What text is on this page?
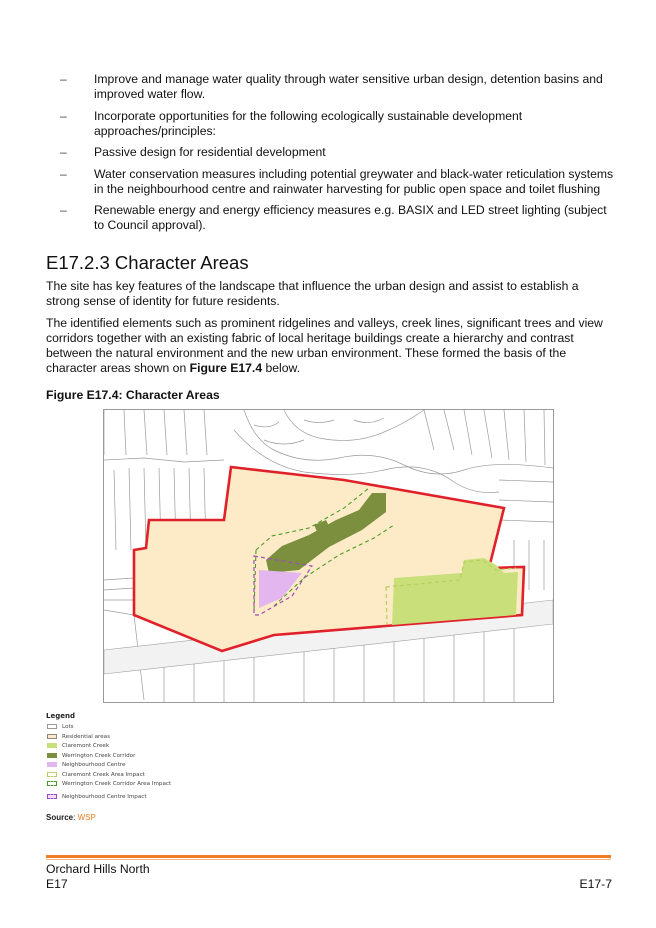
– Improve and manage water quality through water sensitive urban design, detention basins and improved water flow.
– Incorporate opportunities for the following ecologically sustainable development approaches/principles:
– Passive design for residential development
– Water conservation measures including potential greywater and black-water reticulation systems in the neighbourhood centre and rainwater harvesting for public open space and toilet flushing
– Renewable energy and energy efficiency measures e.g. BASIX and LED street lighting (subject to Council approval).
E17.2.3 Character Areas

The site has key features of the landscape that influence the urban design and assist to establish a strong sense of identity for future residents.

The identified elements such as prominent ridgelines and valleys, creek lines, significant trees and view corridors together with an existing fabric of local heritage buildings create a hierarchy and contrast between the natural environment and the new urban environment. These formed the basis of the character areas shown on Figure E17.4 below.

Figure E17.4: Character Areas

Legend
Lots
Residential areas
Claremont Creek
Werrington Creek Corridor
Neighbourhood Centre
Claremont Creek Area Impact
Werrington Creek Corridor Area Impact
Neighbourhood Centre Impact
Source: WSP
Orchard Hills North
E17	E17-7
